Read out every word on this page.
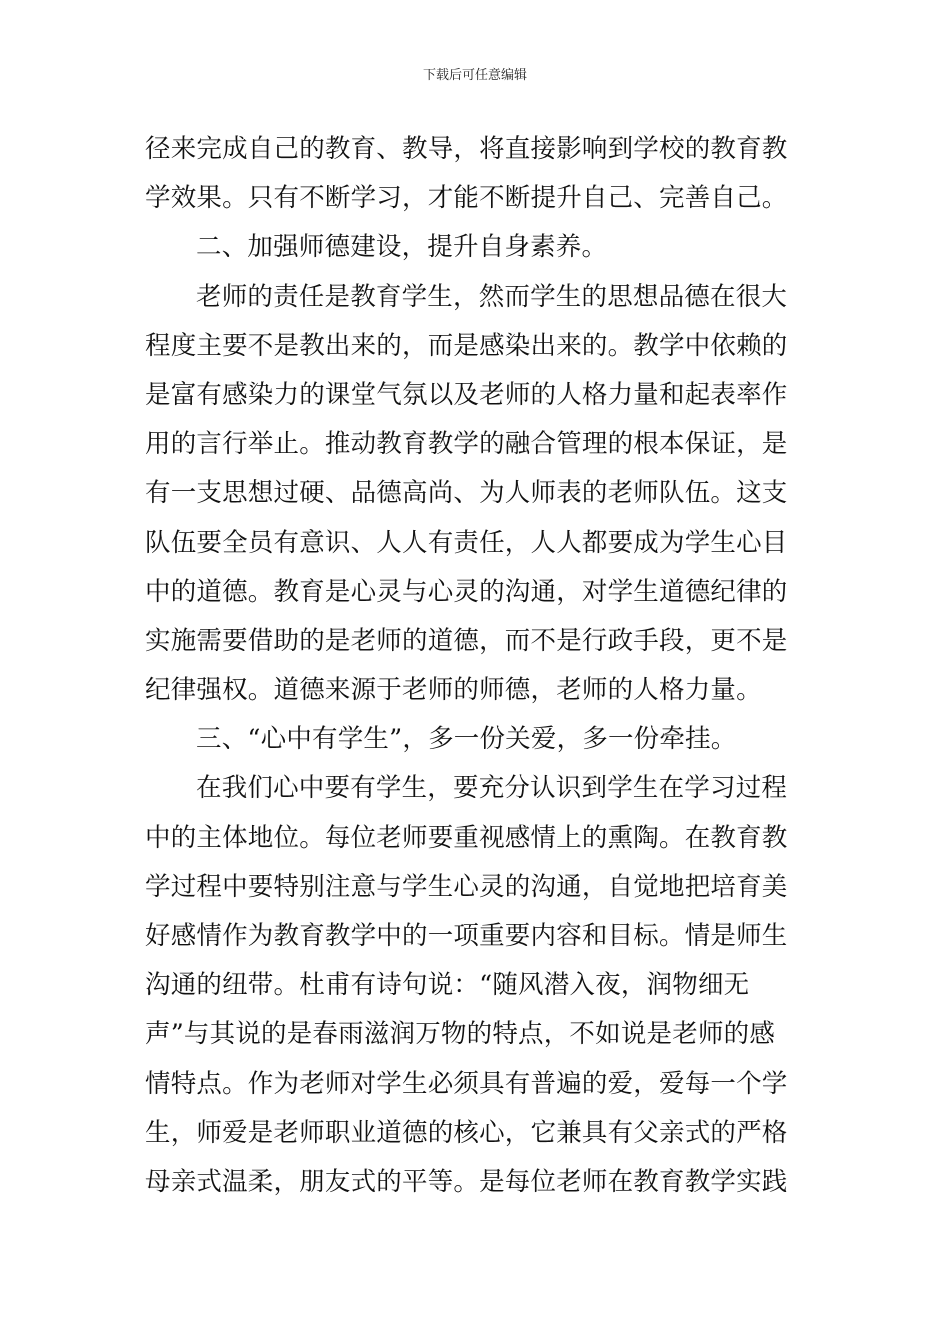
下载后可任意编辑
径来完成自己的教育、教导，将直接影响到学校的教育教
学效果。只有不断学习，才能不断提升自己、完善自己。
二、加强师德建设，提升自身素养。
老师的责任是教育学生，然而学生的思想品德在很大
程度主要不是教出来的，而是感染出来的。教学中依赖的
是富有感染力的课堂气氛以及老师的人格力量和起表率作
用的言行举止。推动教育教学的融合管理的根本保证，是
有一支思想过硬、品德高尚、为人师表的老师队伍。这支
队伍要全员有意识、人人有责任，人人都要成为学生心目
中的道德。教育是心灵与心灵的沟通，对学生道德纪律的
实施需要借助的是老师的道德，而不是行政手段，更不是
纪律强权。道德来源于老师的师德，老师的人格力量。
三、“心中有学生”，多一份关爱，多一份牵挂。
在我们心中要有学生，要充分认识到学生在学习过程
中的主体地位。每位老师要重视感情上的熏陶。在教育教
学过程中要特别注意与学生心灵的沟通，自觉地把培育美
好感情作为教育教学中的一项重要内容和目标。情是师生
沟通的纽带。杜甫有诗句说：“随风潜入夜，润物细无
声”与其说的是春雨滋润万物的特点，不如说是老师的感
情特点。作为老师对学生必须具有普遍的爱，爱每一个学
生，师爱是老师职业道德的核心，它兼具有父亲式的严格
母亲式温柔，朋友式的平等。是每位老师在教育教学实践
